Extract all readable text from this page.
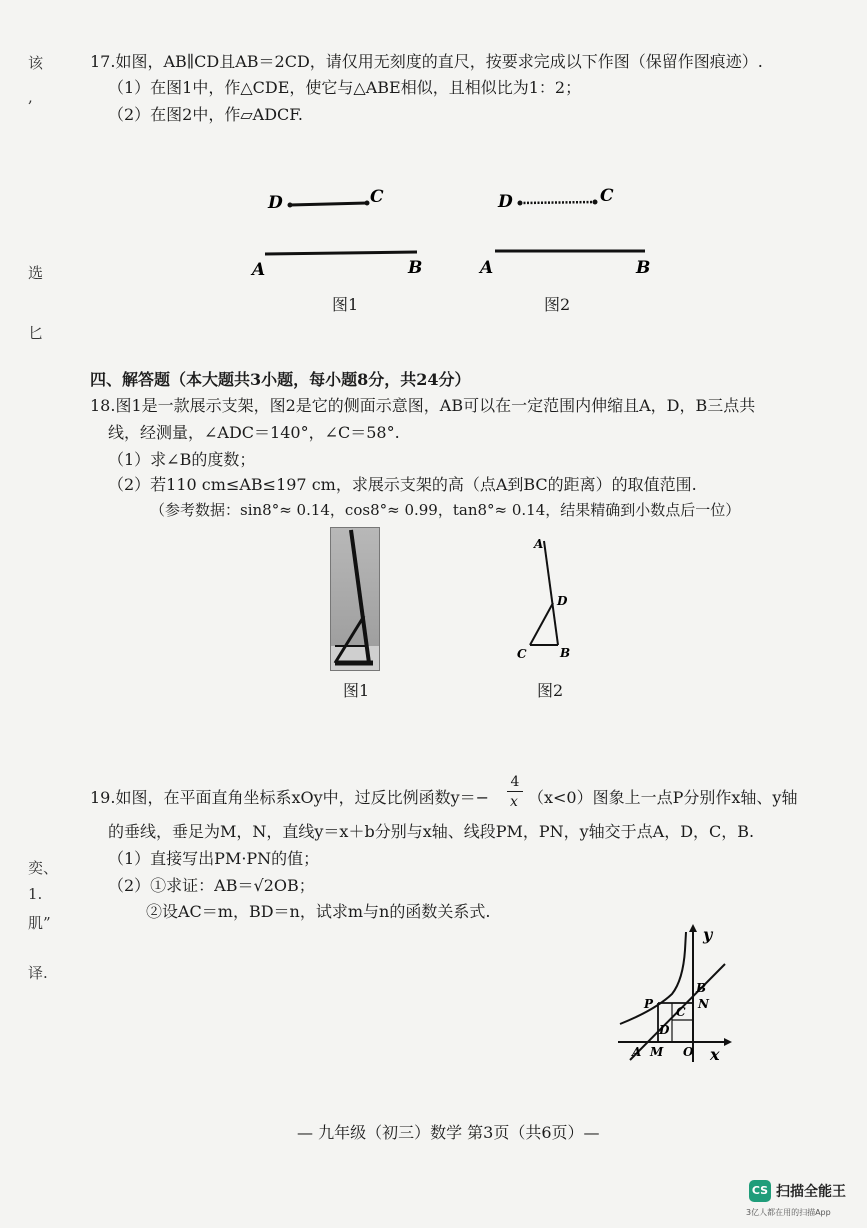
该
,
选
匕
奕、
1.
肌”
译.
17.如图，AB∥CD且AB＝2CD，请仅用无刻度的直尺，按要求完成以下作图（保留作图痕迹）.
（1）在图1中，作△CDE，使它与△ABE相似，且相似比为1：2；
（2）在图2中，作▱ADCF.
D	C
A	B
图1
D	C
A	B
图2
四、解答题（本大题共3小题，每小题8分，共24分）
18.图1是一款展示支架，图2是它的侧面示意图，AB可以在一定范围内伸缩且A，D，B三点共
线，经测量，∠ADC＝140°，∠C＝58°.
（1）求∠B的度数；
（2）若110 cm≤AB≤197 cm，求展示支架的高（点A到BC的距离）的取值范围.
（参考数据：sin8°≈ 0.14，cos8°≈ 0.99，tan8°≈ 0.14，结果精确到小数点后一位）
图1
A
D
C	B
图2
19.如图，在平面直角坐标系xOy中，过反比例函数y＝−
4
x （x<0）图象上一点P分别作x轴、y轴
的垂线，垂足为M，N，直线y＝x＋b分别与x轴、线段PM，PN，y轴交于点A，D，C，B.
（1）直接写出PM·PN的值；
（2）①求证：AB＝√2OB；
②设AC＝m，BD＝n，试求m与n的函数关系式.
y
x
B
N
P
C
D
A M O
— 九年级（初三）数学 第3页（共6页）—
CS 扫描全能王
3亿人都在用的扫描App
